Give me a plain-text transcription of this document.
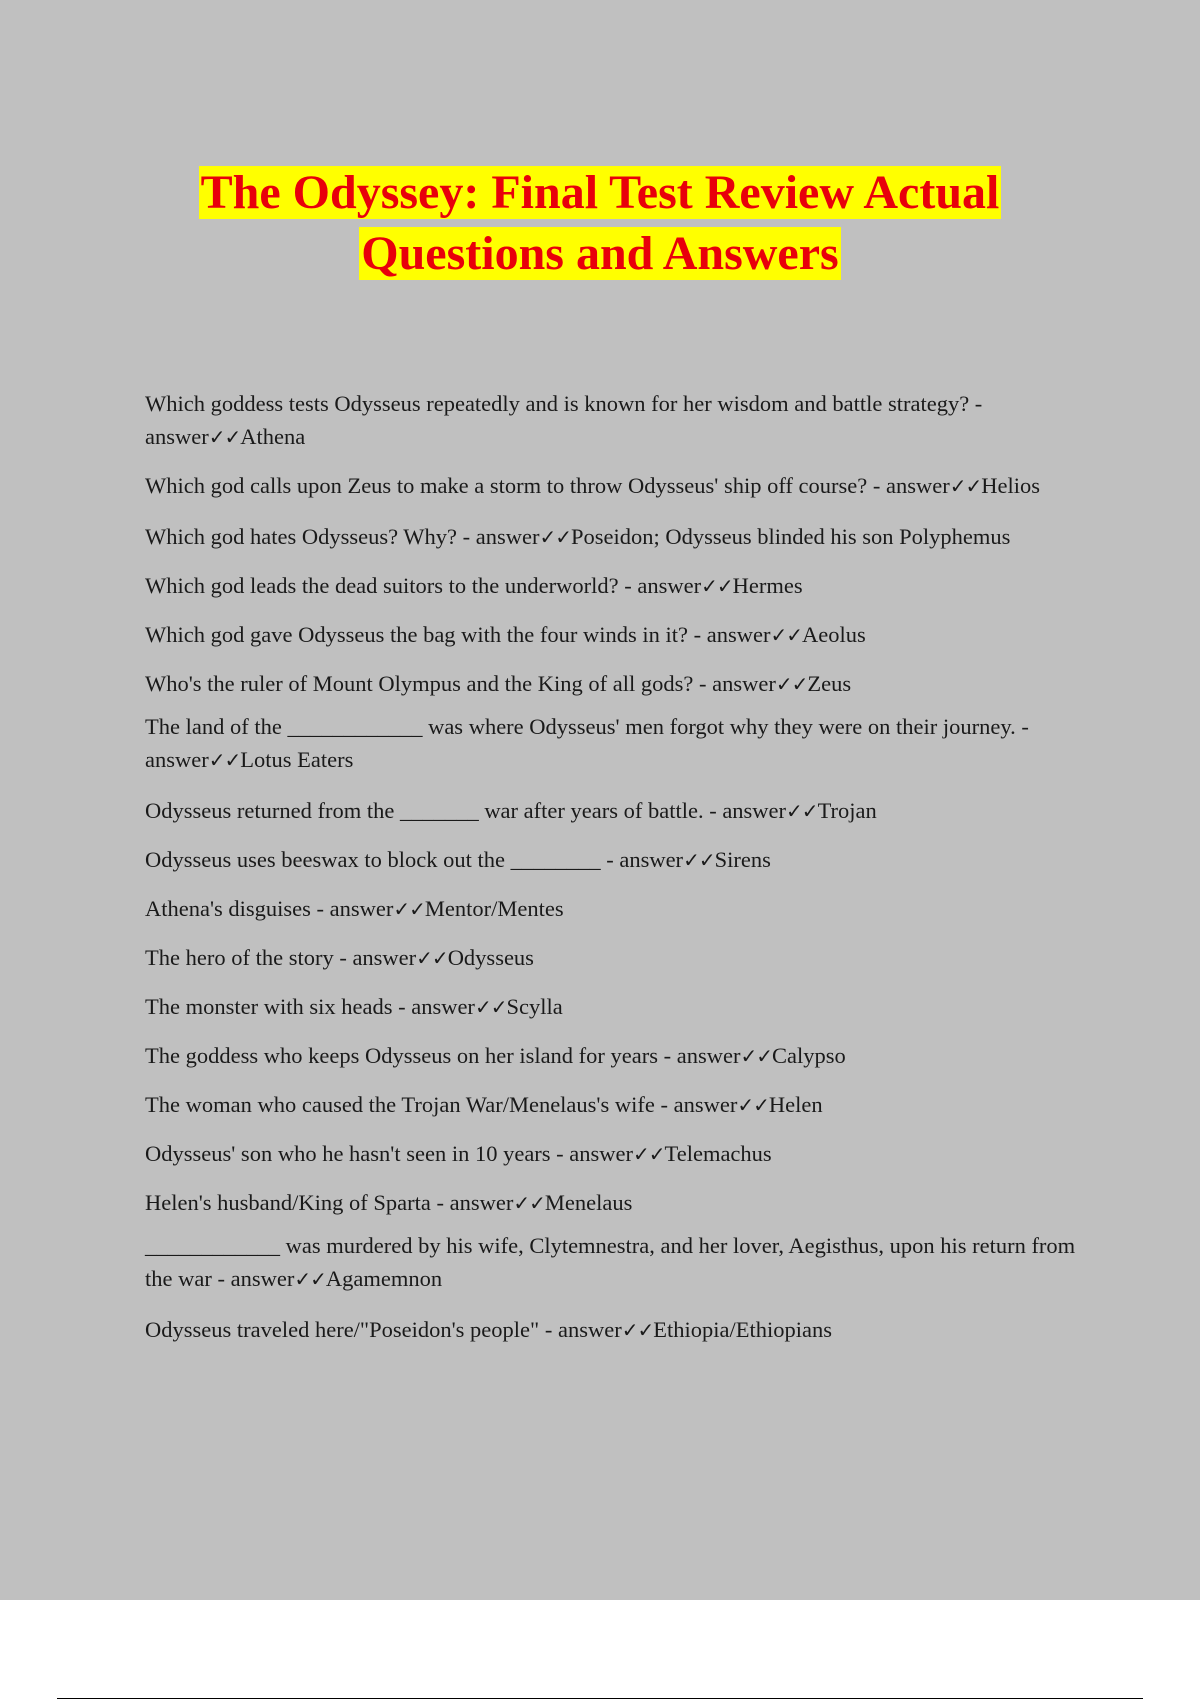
The Odyssey: Final Test Review Actual
Questions and Answers
Which goddess tests Odysseus repeatedly and is known for her wisdom and battle strategy? - answer✓✓Athena
Which god calls upon Zeus to make a storm to throw Odysseus' ship off course? - answer✓✓Helios
Which god hates Odysseus? Why? - answer✓✓Poseidon; Odysseus blinded his son Polyphemus
Which god leads the dead suitors to the underworld? - answer✓✓Hermes
Which god gave Odysseus the bag with the four winds in it? - answer✓✓Aeolus
Who's the ruler of Mount Olympus and the King of all gods? - answer✓✓Zeus
The land of the ____________ was where Odysseus' men forgot why they were on their journey. - answer✓✓Lotus Eaters
Odysseus returned from the _______ war after years of battle. - answer✓✓Trojan
Odysseus uses beeswax to block out the ________ - answer✓✓Sirens
Athena's disguises - answer✓✓Mentor/Mentes
The hero of the story - answer✓✓Odysseus
The monster with six heads - answer✓✓Scylla
The goddess who keeps Odysseus on her island for years - answer✓✓Calypso
The woman who caused the Trojan War/Menelaus's wife - answer✓✓Helen
Odysseus' son who he hasn't seen in 10 years - answer✓✓Telemachus
Helen's husband/King of Sparta - answer✓✓Menelaus
____________ was murdered by his wife, Clytemnestra, and her lover, Aegisthus, upon his return from the war - answer✓✓Agamemnon
Odysseus traveled here/"Poseidon's people" - answer✓✓Ethiopia/Ethiopians
